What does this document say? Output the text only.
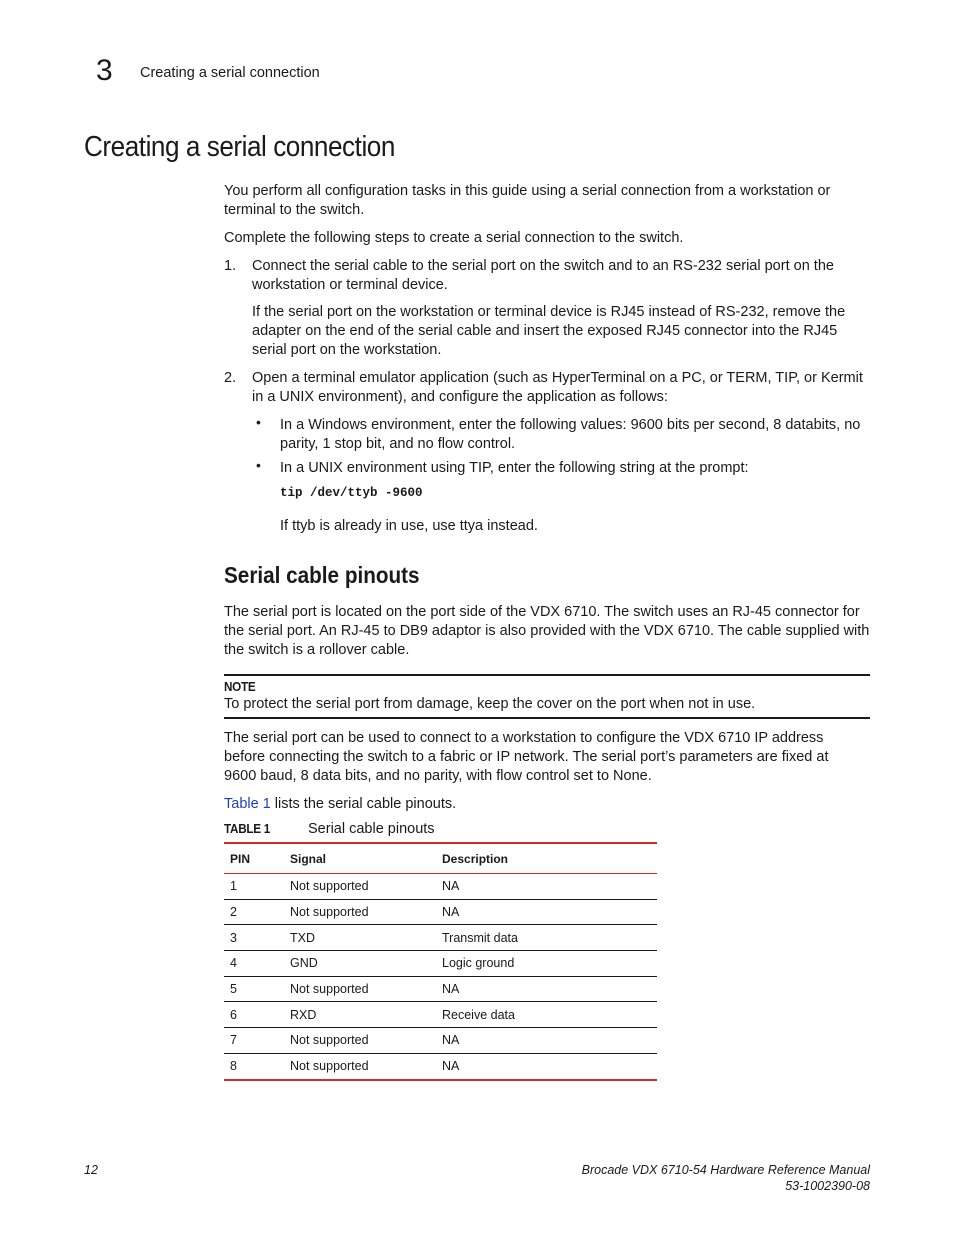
3 Creating a serial connection
Creating a serial connection
You perform all configuration tasks in this guide using a serial connection from a workstation or terminal to the switch.
Complete the following steps to create a serial connection to the switch.
1. Connect the serial cable to the serial port on the switch and to an RS-232 serial port on the workstation or terminal device.
If the serial port on the workstation or terminal device is RJ45 instead of RS-232, remove the adapter on the end of the serial cable and insert the exposed RJ45 connector into the RJ45 serial port on the workstation.
2. Open a terminal emulator application (such as HyperTerminal on a PC, or TERM, TIP, or Kermit in a UNIX environment), and configure the application as follows:
• In a Windows environment, enter the following values: 9600 bits per second, 8 databits, no parity, 1 stop bit, and no flow control.
• In a UNIX environment using TIP, enter the following string at the prompt:
tip /dev/ttyb -9600
If ttyb is already in use, use ttya instead.
Serial cable pinouts
The serial port is located on the port side of the VDX 6710. The switch uses an RJ-45 connector for the serial port. An RJ-45 to DB9 adaptor is also provided with the VDX 6710. The cable supplied with the switch is a rollover cable.
NOTE
To protect the serial port from damage, keep the cover on the port when not in use.
The serial port can be used to connect to a workstation to configure the VDX 6710 IP address before connecting the switch to a fabric or IP network. The serial port’s parameters are fixed at 9600 baud, 8 data bits, and no parity, with flow control set to None.
Table 1 lists the serial cable pinouts.
TABLE 1	Serial cable pinouts
PIN	Signal	Description
1	Not supported	NA
2	Not supported	NA
3	TXD	Transmit data
4	GND	Logic ground
5	Not supported	NA
6	RXD	Receive data
7	Not supported	NA
8	Not supported	NA
12	Brocade VDX 6710-54 Hardware Reference Manual
53-1002390-08
